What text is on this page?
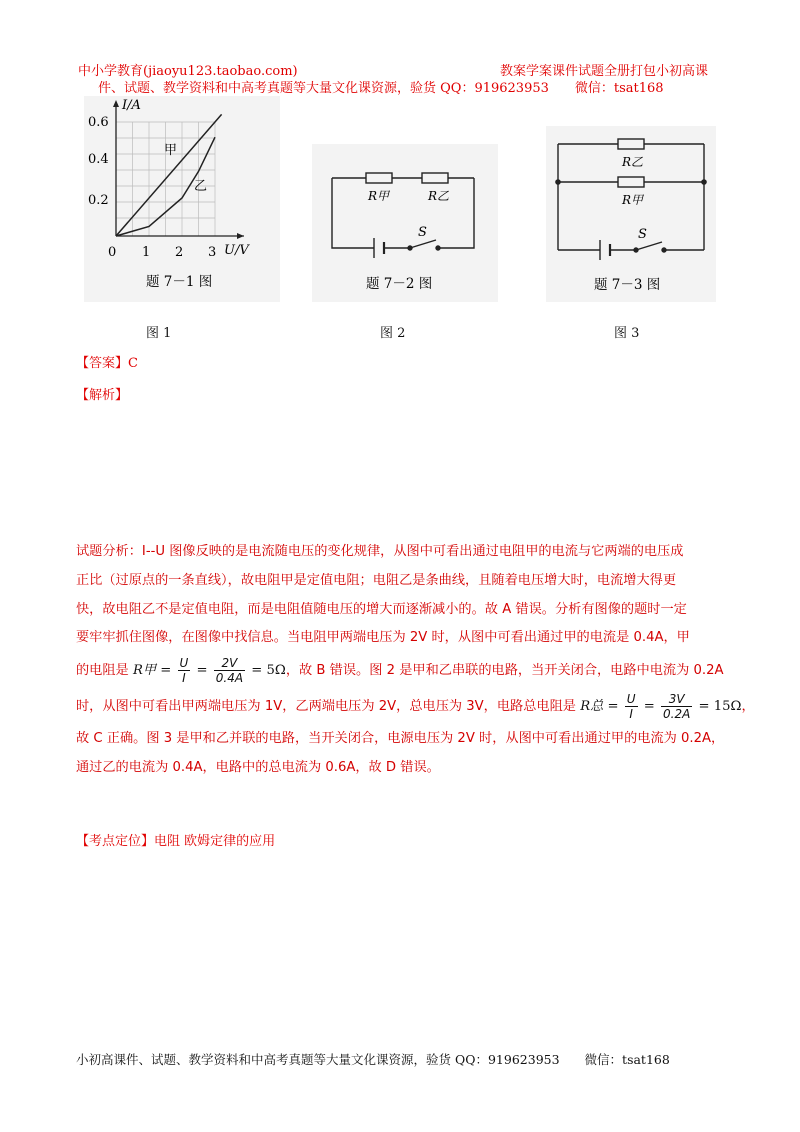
中小学教育(jiaoyu123.taobao.com)	教案学案课件试题全册打包小初高课
件、试题、教学资料和中高考真题等大量文化课资源，验货 QQ：919623953　　微信：tsat168
I/A
U/V
0.6
0.4
0.2
0 1 2 3
甲
乙
题 7－1 图
R甲	R乙
S
题 7－2 图
R乙
R甲
S
题 7－3 图
图 1	图 2	图 3
【答案】C
【解析】

试题分析：I--U 图像反映的是电流随电压的变化规律，从图中可看出通过电阻甲的电流与它两端的电压成

正比（过原点的一条直线），故电阻甲是定值电阻；电阻乙是条曲线，且随着电压增大时，电流增大得更

快，故电阻乙不是定值电阻，而是电阻值随电压的增大而逐渐减小的。故 A 错误。分析有图像的题时一定

要牢牢抓住图像，在图像中找信息。当电阻甲两端电压为 2V 时，从图中可看出通过甲的电流是 0.4A，甲

的电阻是 R甲 = $\frac{U}{I} = \frac{2V}{0.4A} = 5\Omega$，故 B 错误。图 2 是甲和乙串联的电路，当开关闭合，电路中电流为 0.2A

时，从图中可看出甲两端电压为 1V，乙两端电压为 2V，总电压为 3V，电路总电阻是 R总 = $\frac{U}{I} = \frac{3V}{0.2A} = 15\Omega$，

故 C 正确。图 3 是甲和乙并联的电路，当开关闭合，电源电压为 2V 时，从图中可看出通过甲的电流为 0.2A，

通过乙的电流为 0.4A，电路中的总电流为 0.6A，故 D 错误。

【考点定位】电阻 欧姆定律的应用
小初高课件、试题、教学资料和中高考真题等大量文化课资源，验货 QQ：919623953　　微信：tsat168
